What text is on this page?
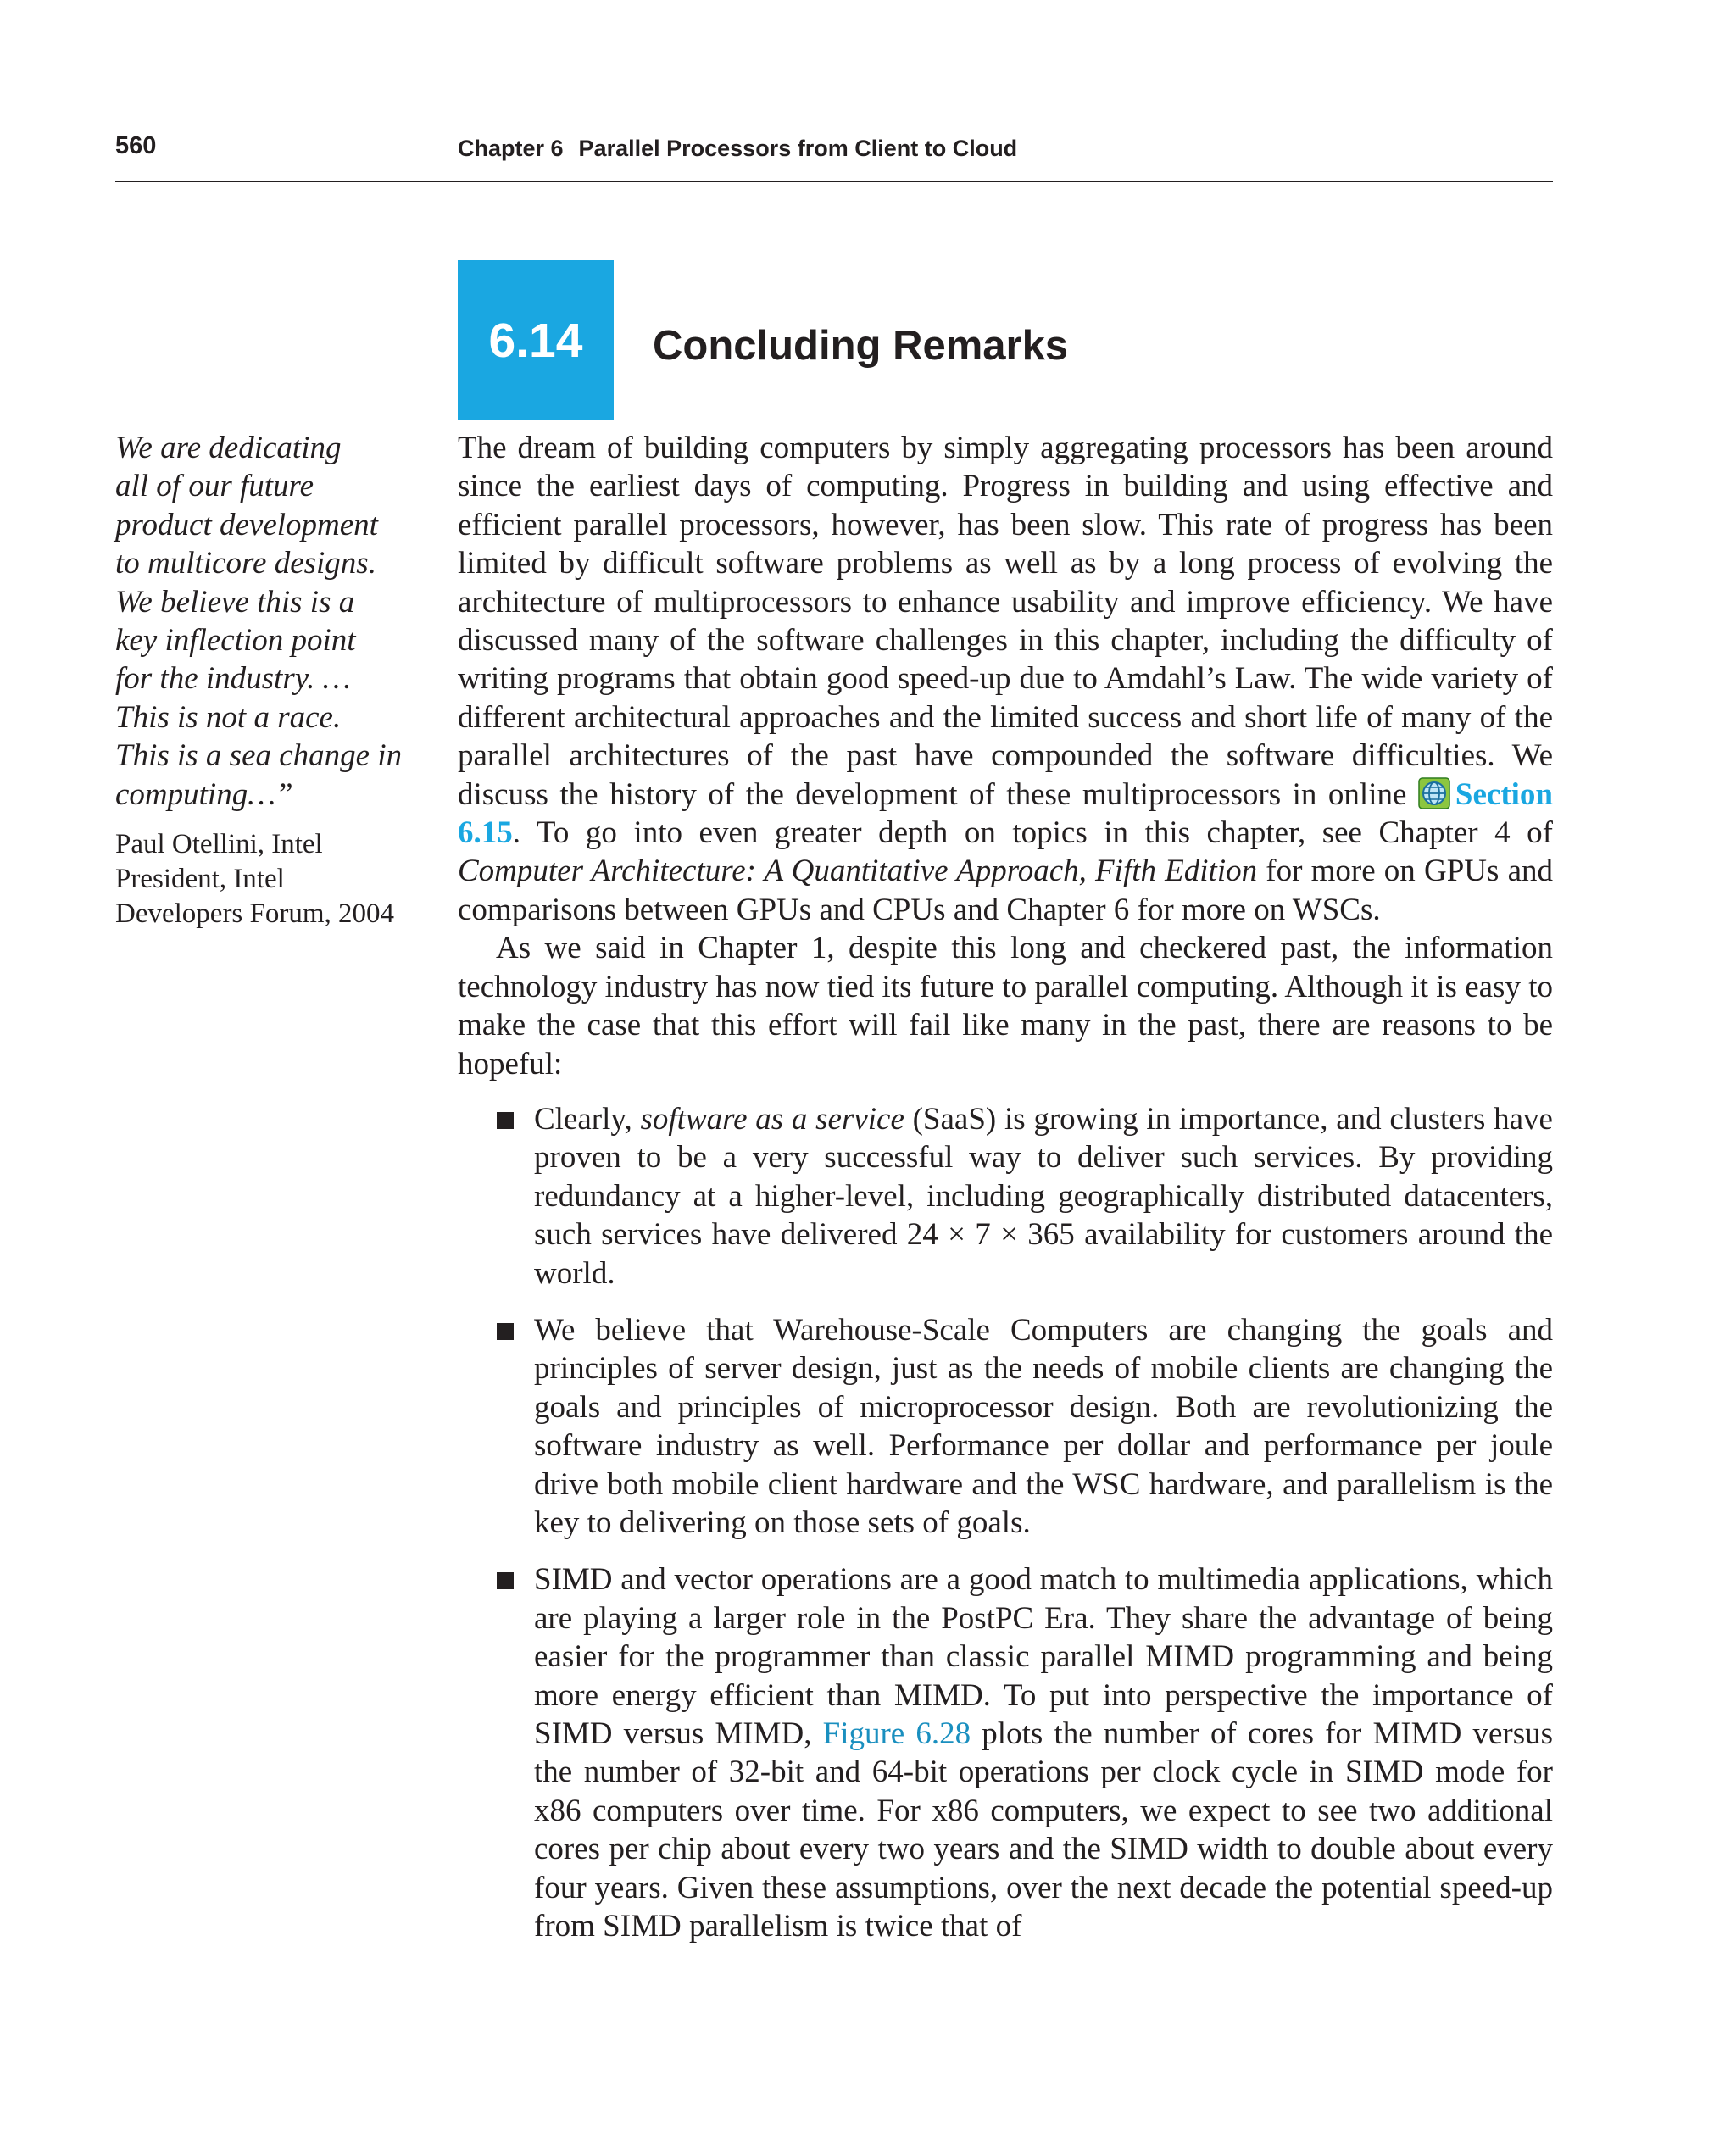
560	Chapter 6 Parallel Processors from Client to Cloud
6.14	Concluding Remarks

We are dedicating
all of our future
product development
to multicore designs.
We believe this is a
key inflection point
for the industry. …
This is not a race.
This is a sea change in
computing…”

Paul Otellini, Intel
President, Intel
Developers Forum, 2004

The dream of building computers by simply aggregating processors has been around since the earliest days of computing. Progress in building and using effective and efficient parallel processors, however, has been slow. This rate of progress has been limited by difficult software problems as well as by a long process of evolving the architecture of multiprocessors to enhance usability and improve efficiency. We have discussed many of the software challenges in this chapter, including the difficulty of writing programs that obtain good speed-up due to Amdahl’s Law. The wide variety of different architectural approaches and the limited success and short life of many of the parallel architectures of the past have compounded the software difficulties. We discuss the history of the development of these multiprocessors in online Section 6.15. To go into even greater depth on topics in this chapter, see Chapter 4 of Computer Architecture: A Quantitative Approach, Fifth Edition for more on GPUs and comparisons between GPUs and CPUs and Chapter 6 for more on WSCs.

As we said in Chapter 1, despite this long and checkered past, the information technology industry has now tied its future to parallel computing. Although it is easy to make the case that this effort will fail like many in the past, there are reasons to be hopeful:

Clearly, software as a service (SaaS) is growing in importance, and clusters have proven to be a very successful way to deliver such services. By providing redundancy at a higher-level, including geographically distributed datacenters, such services have delivered 24 × 7 × 365 availability for customers around the world.
We believe that Warehouse-Scale Computers are changing the goals and principles of server design, just as the needs of mobile clients are changing the goals and principles of microprocessor design. Both are revolutionizing the software industry as well. Performance per dollar and performance per joule drive both mobile client hardware and the WSC hardware, and parallelism is the key to delivering on those sets of goals.
SIMD and vector operations are a good match to multimedia applications, which are playing a larger role in the PostPC Era. They share the advantage of being easier for the programmer than classic parallel MIMD programming and being more energy efficient than MIMD. To put into perspective the importance of SIMD versus MIMD, Figure 6.28 plots the number of cores for MIMD versus the number of 32-bit and 64-bit operations per clock cycle in SIMD mode for x86 computers over time. For x86 computers, we expect to see two additional cores per chip about every two years and the SIMD width to double about every four years. Given these assumptions, over the next decade the potential speed-up from SIMD parallelism is twice that of
